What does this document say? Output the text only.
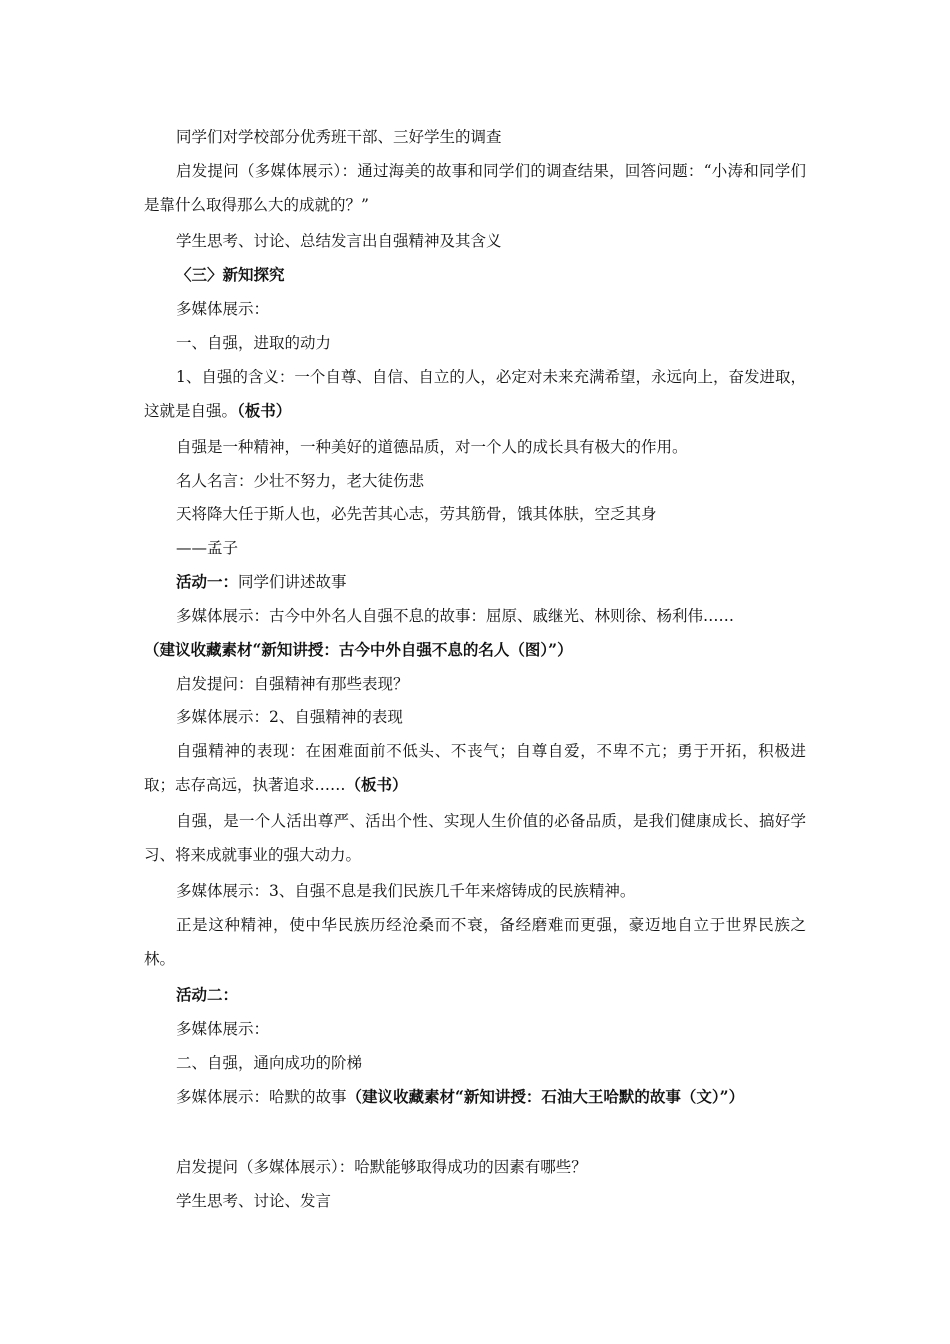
同学们对学校部分优秀班干部、三好学生的调查
启发提问（多媒体展示）：通过海美的故事和同学们的调查结果，回答问题：“小涛和同学们是靠什么取得那么大的成就的？”
学生思考、讨论、总结发言出自强精神及其含义
〈三〉新知探究
多媒体展示：
一、自强，进取的动力
1、自强的含义：一个自尊、自信、自立的人，必定对未来充满希望，永远向上，奋发进取，这就是自强。（板书）
自强是一种精神，一种美好的道德品质，对一个人的成长具有极大的作用。
名人名言：少壮不努力，老大徒伤悲
天将降大任于斯人也，必先苦其心志，劳其筋骨，饿其体肤，空乏其身
——孟子
活动一：同学们讲述故事
多媒体展示：古今中外名人自强不息的故事：屈原、戚继光、林则徐、杨利伟……
（建议收藏素材“新知讲授：古今中外自强不息的名人（图）”）
启发提问：自强精神有那些表现？
多媒体展示：2、自强精神的表现
自强精神的表现：在困难面前不低头、不丧气；自尊自爱，不卑不亢；勇于开拓，积极进取；志存高远，执著追求……（板书）
自强，是一个人活出尊严、活出个性、实现人生价值的必备品质，是我们健康成长、搞好学习、将来成就事业的强大动力。
多媒体展示：3、自强不息是我们民族几千年来熔铸成的民族精神。
正是这种精神，使中华民族历经沧桑而不衰，备经磨难而更强，豪迈地自立于世界民族之林。
活动二：
多媒体展示：
二、自强，通向成功的阶梯
多媒体展示：哈默的故事（建议收藏素材“新知讲授：石油大王哈默的故事（文）”）
启发提问（多媒体展示）：哈默能够取得成功的因素有哪些？
学生思考、讨论、发言
